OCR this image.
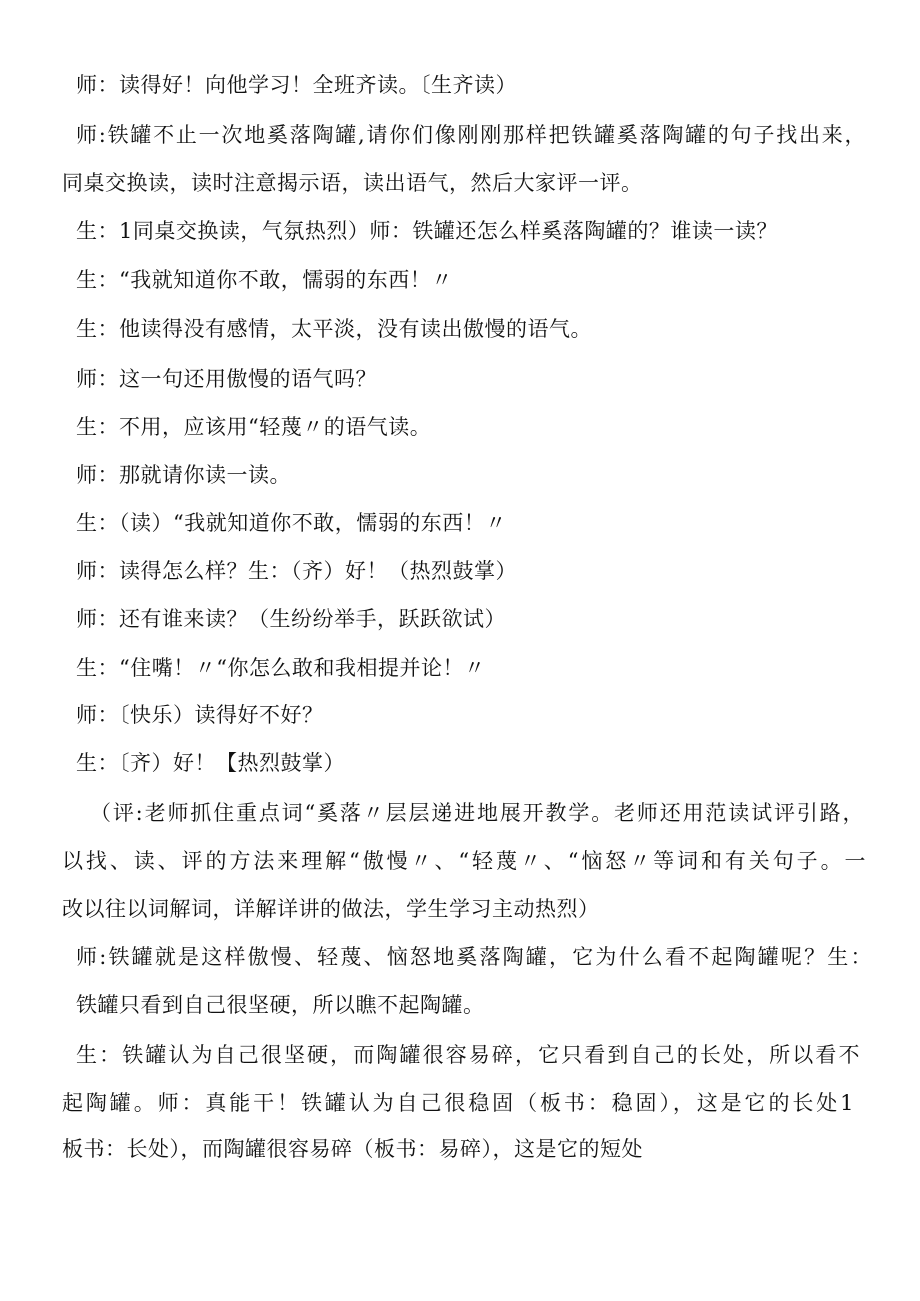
师：读得好！向他学习！全班齐读。〔生齐读）
师:铁罐不止一次地奚落陶罐,请你们像刚刚那样把铁罐奚落陶罐的句子找出来，
同桌交换读，读时注意揭示语，读出语气，然后大家评一评。
生：1同桌交换读，气氛热烈）师：铁罐还怎么样奚落陶罐的？谁读一读？
生：“我就知道你不敢，懦弱的东西！〃
生：他读得没有感情，太平淡，没有读出傲慢的语气。
师：这一句还用傲慢的语气吗？
生：不用，应该用“轻蔑〃的语气读。
师：那就请你读一读。
生：（读）“我就知道你不敢，懦弱的东西！〃
师：读得怎么样？生：（齐）好！（热烈鼓掌）
师：还有谁来读？（生纷纷举手，跃跃欲试）
生：“住嘴！〃“你怎么敢和我相提并论！〃
师：〔快乐）读得好不好？
生：〔齐）好！【热烈鼓掌）
（评:老师抓住重点词“奚落〃层层递进地展开教学。老师还用范读试评引路，
以找、读、评的方法来理解“傲慢〃、“轻蔑〃、“恼怒〃等词和有关句子。一
改以往以词解词，详解详讲的做法，学生学习主动热烈）
师:铁罐就是这样傲慢、轻蔑、恼怒地奚落陶罐，它为什么看不起陶罐呢？生：
铁罐只看到自己很坚硬，所以瞧不起陶罐。
生：铁罐认为自己很坚硬，而陶罐很容易碎，它只看到自己的长处，所以看不
起陶罐。师：真能干！铁罐认为自己很稳固（板书：稳固），这是它的长处1
板书：长处），而陶罐很容易碎（板书：易碎），这是它的短处
